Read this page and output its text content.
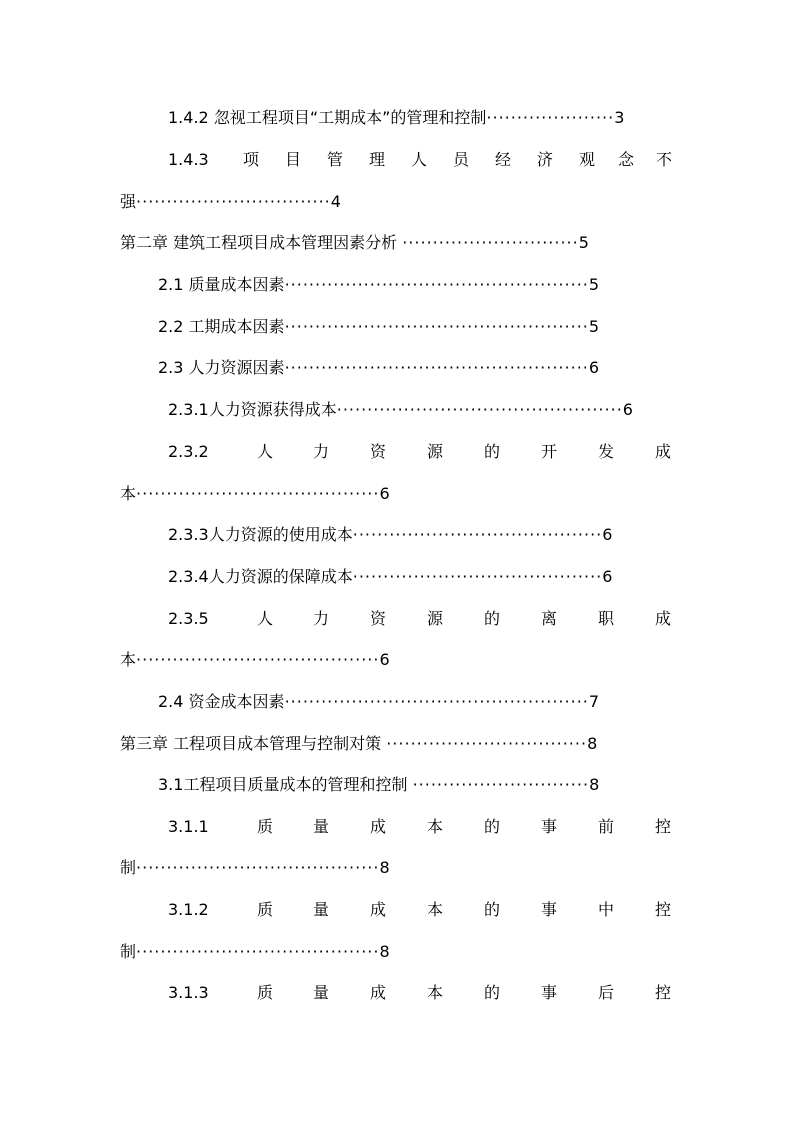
1.4.2 忽视工程项目“工期成本”的管理和控制·····················3
1.4.3 项 目 管 理 人 员 经 济 观 念 不
强································4
第二章 建筑工程项目成本管理因素分析 ·····························5
2.1 质量成本因素··················································5
2.2 工期成本因素··················································5
2.3 人力资源因素··················································6
2.3.1人力资源获得成本···············································6
2.3.2	人 力	资	源	的	开	发	成
本········································6
2.3.3人力资源的使用成本·········································6
2.3.4人力资源的保障成本·········································6
2.3.5	人 力	资	源	的	离	职	成
本········································6
2.4 资金成本因素··················································7
第三章 工程项目成本管理与控制对策 ·································8
3.1工程项目质量成本的管理和控制 ·····························8
3.1.1	质 量	成	本	的	事	前	控
制········································8
3.1.2	质 量	成	本	的	事	中	控
制········································8
3.1.3	质 量	成	本	的	事	后	控
